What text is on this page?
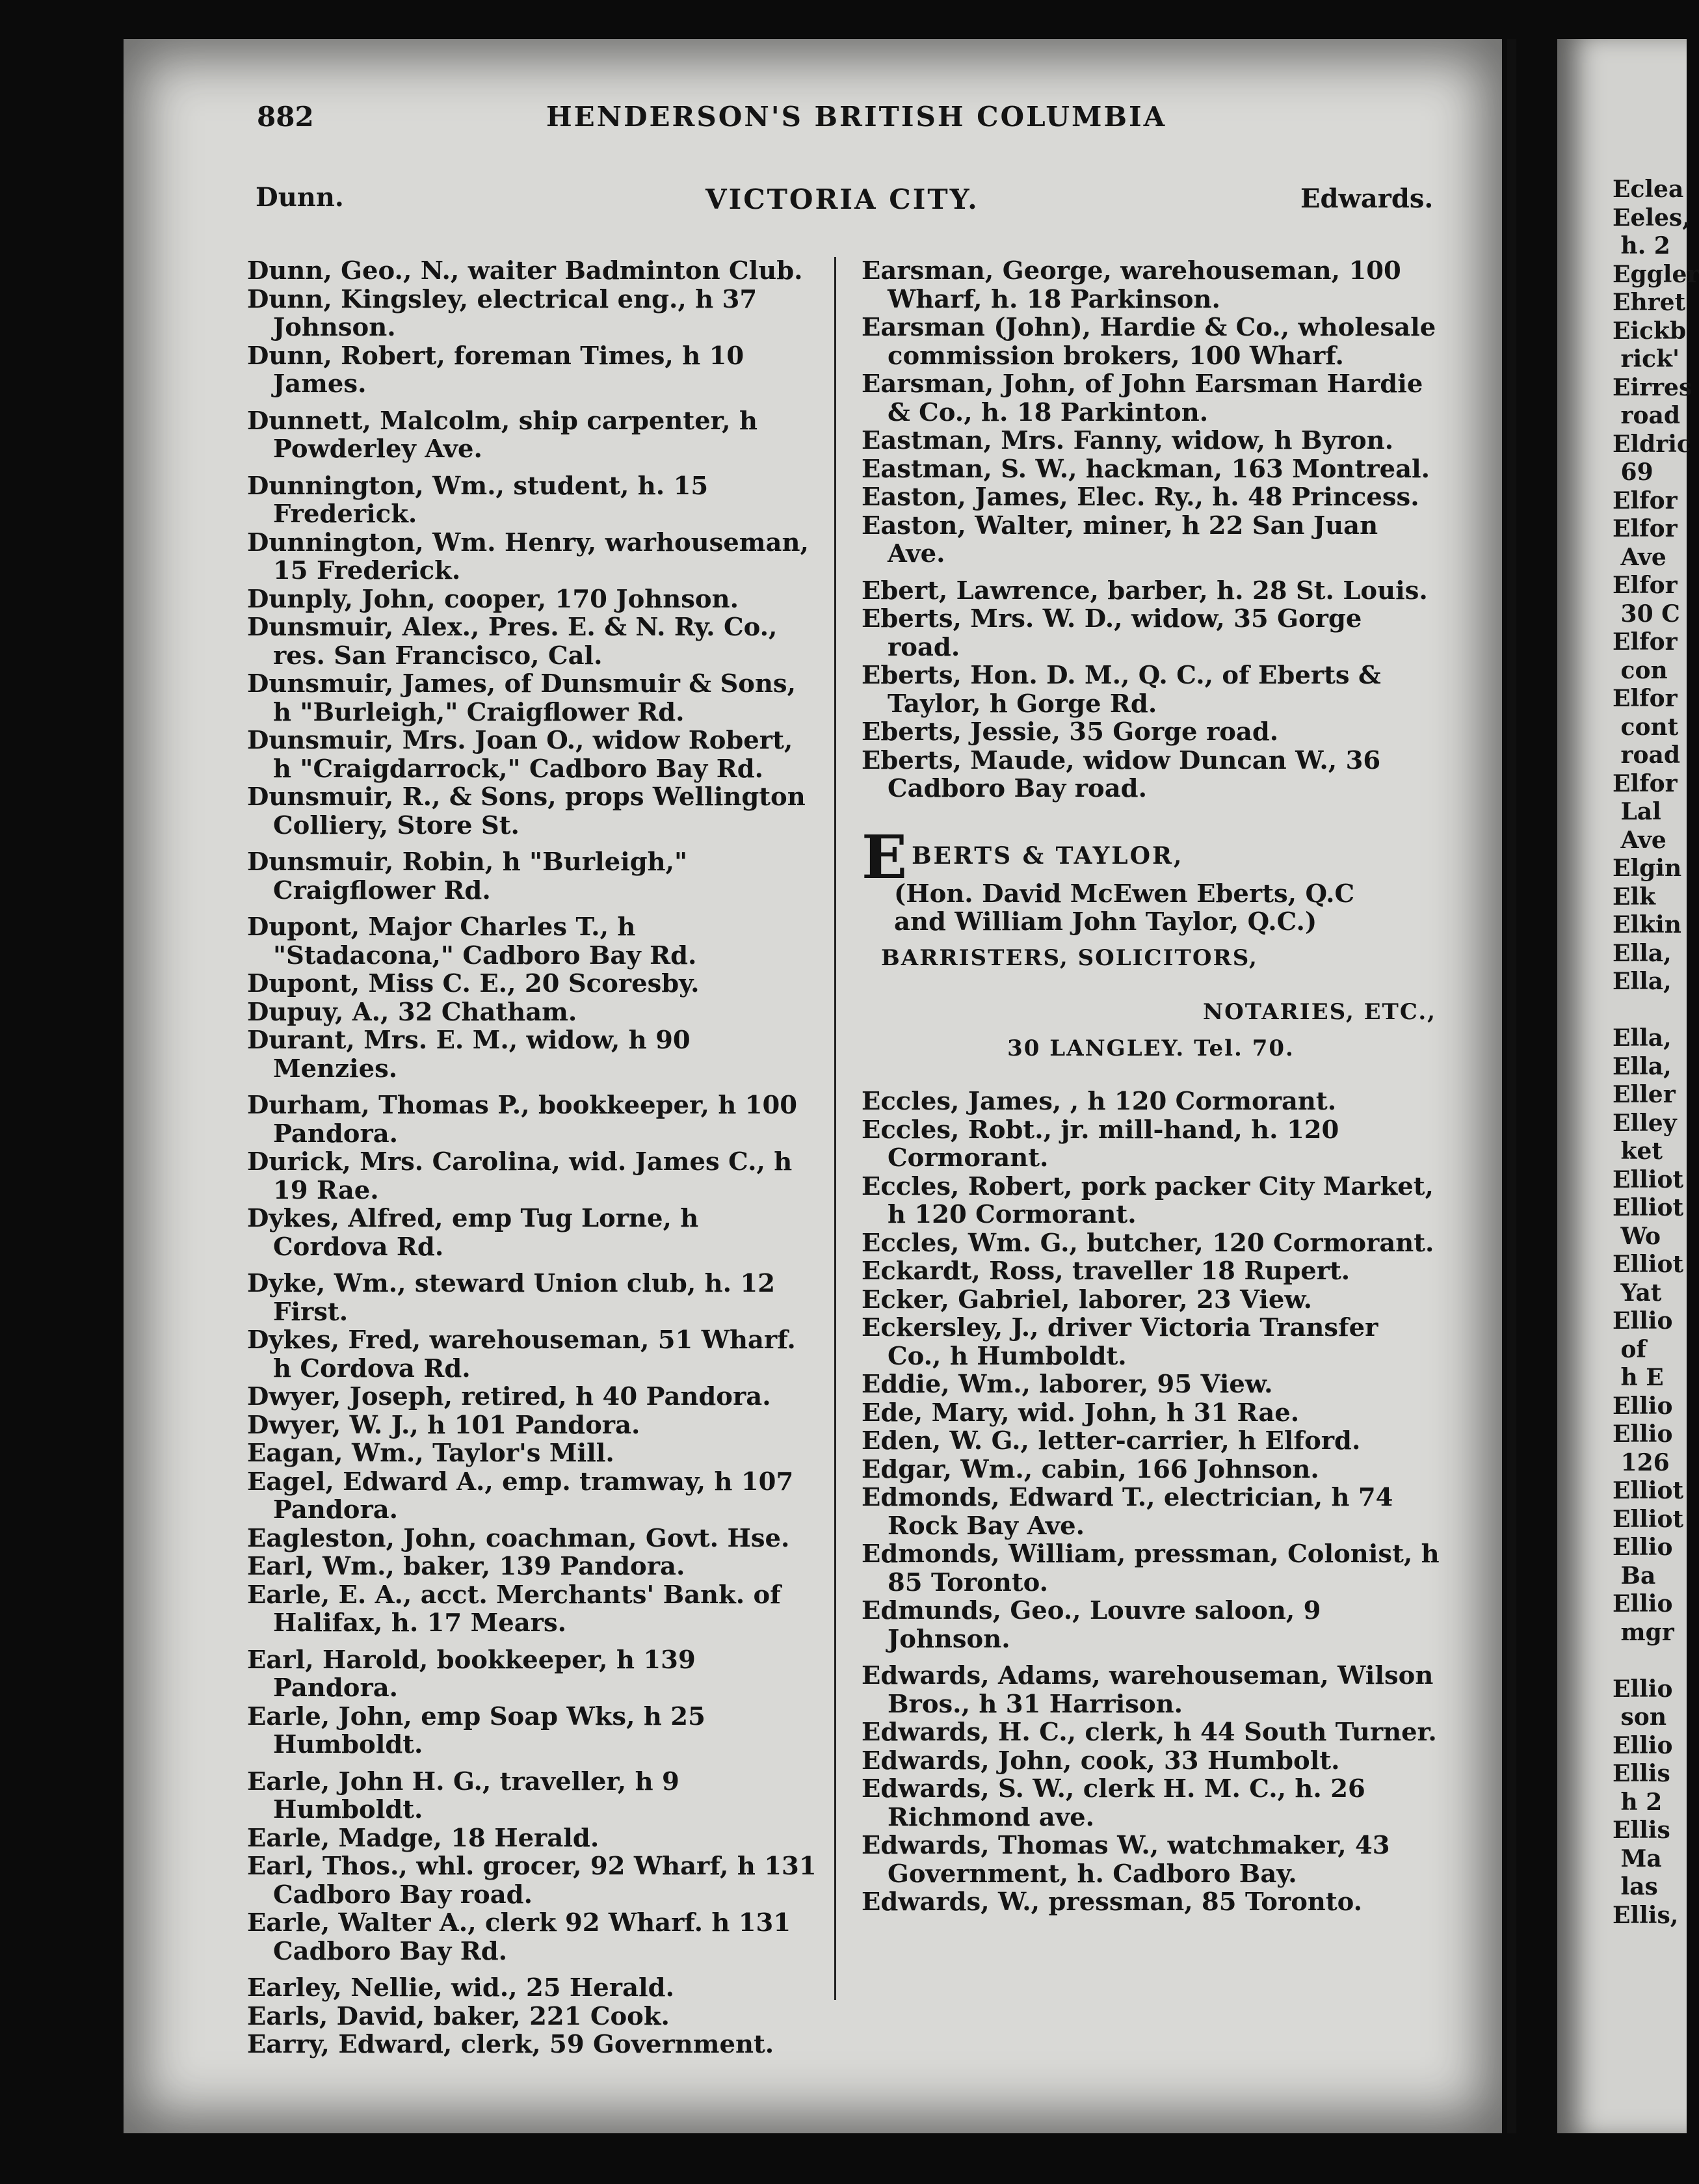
Eclea
Eeles,
h. 2
Eggler
Ehret
Eickb
rick'
Eirres
road
Eldric
69
Elfor
Elfor
Ave
Elfor
30 C
Elfor
con
Elfor
cont
road
Elfor
Lal
Ave
Elgin
Elk
Elkin
Ella,
Ella,

Ella,
Ella,
Eller
Elley
ket
Elliot
Elliot
Wo
Elliot
Yat
Ellio
of
h E
Ellio
Ellio
126
Elliot
Elliot
Ellio
Ba
Ellio
mgr

Ellio
son
Ellio
Ellis
h 2
Ellis
Ma
las
Ellis,
882	HENDERSON'S BRITISH COLUMBIA
Dunn.	VICTORIA CITY.	Edwards.

Dunn, Geo., N., waiter Badminton Club.

Dunn, Kingsley, electrical eng., h 37 Johnson.

Dunn, Robert, foreman Times, h 10 James.

Dunnett, Malcolm, ship carpenter, h Powderley Ave.

Dunnington, Wm., student, h. 15 Frederick.

Dunnington, Wm. Henry, warhouseman, 15 Frederick.

Dunply, John, cooper, 170 Johnson.

Dunsmuir, Alex., Pres. E. & N. Ry. Co., res. San Francisco, Cal.

Dunsmuir, James, of Dunsmuir & Sons, h "Burleigh," Craigflower Rd.

Dunsmuir, Mrs. Joan O., widow Robert, h "Craigdarrock," Cadboro Bay Rd.

Dunsmuir, R., & Sons, props Wellington Colliery, Store St.

Dunsmuir, Robin, h "Burleigh," Craigflower Rd.

Dupont, Major Charles T., h "Stadacona," Cadboro Bay Rd.

Dupont, Miss C. E., 20 Scoresby.

Dupuy, A., 32 Chatham.

Durant, Mrs. E. M., widow, h 90 Menzies.

Durham, Thomas P., bookkeeper, h 100 Pandora.

Durick, Mrs. Carolina, wid. James C., h 19 Rae.

Dykes, Alfred, emp Tug Lorne, h Cordova Rd.

Dyke, Wm., steward Union club, h. 12 First.

Dykes, Fred, warehouseman, 51 Wharf. h Cordova Rd.

Dwyer, Joseph, retired, h 40 Pandora.

Dwyer, W. J., h 101 Pandora.

Eagan, Wm., Taylor's Mill.

Eagel, Edward A., emp. tramway, h 107 Pandora.

Eagleston, John, coachman, Govt. Hse.

Earl, Wm., baker, 139 Pandora.

Earle, E. A., acct. Merchants' Bank. of Halifax, h. 17 Mears.

Earl, Harold, bookkeeper, h 139 Pandora.

Earle, John, emp Soap Wks, h 25 Humboldt.

Earle, John H. G., traveller, h 9 Humboldt.

Earle, Madge, 18 Herald.

Earl, Thos., whl. grocer, 92 Wharf, h 131 Cadboro Bay road.

Earle, Walter A., clerk 92 Wharf. h 131 Cadboro Bay Rd.

Earley, Nellie, wid., 25 Herald.

Earls, David, baker, 221 Cook.

Earry, Edward, clerk, 59 Government.

Earsman, George, warehouseman, 100 Wharf, h. 18 Parkinson.

Earsman (John), Hardie & Co., wholesale commission brokers, 100 Wharf.

Earsman, John, of John Earsman Hardie & Co., h. 18 Parkinton.

Eastman, Mrs. Fanny, widow, h Byron.

Eastman, S. W., hackman, 163 Montreal.

Easton, James, Elec. Ry., h. 48 Princess.

Easton, Walter, miner, h 22 San Juan Ave.

Ebert, Lawrence, barber, h. 28 St. Louis.

Eberts, Mrs. W. D., widow, 35 Gorge road.

Eberts, Hon. D. M., Q. C., of Eberts & Taylor, h Gorge Rd.

Eberts, Jessie, 35 Gorge road.

Eberts, Maude, widow Duncan W., 36 Cadboro Bay road.

EBERTS & TAYLOR,
(Hon. David McEwen Eberts, Q.C
and William John Taylor, Q.C.)
BARRISTERS, SOLICITORS,
NOTARIES, ETC.,
30 LANGLEY. Tel. 70.

Eccles, James, , h 120 Cormorant.

Eccles, Robt., jr. mill-hand, h. 120 Cormorant.

Eccles, Robert, pork packer City Market, h 120 Cormorant.

Eccles, Wm. G., butcher, 120 Cormorant.

Eckardt, Ross, traveller 18 Rupert.

Ecker, Gabriel, laborer, 23 View.

Eckersley, J., driver Victoria Transfer Co., h Humboldt.

Eddie, Wm., laborer, 95 View.

Ede, Mary, wid. John, h 31 Rae.

Eden, W. G., letter-carrier, h Elford.

Edgar, Wm., cabin, 166 Johnson.

Edmonds, Edward T., electrician, h 74 Rock Bay Ave.

Edmonds, William, pressman, Colonist, h 85 Toronto.

Edmunds, Geo., Louvre saloon, 9 Johnson.

Edwards, Adams, warehouseman, Wilson Bros., h 31 Harrison.

Edwards, H. C., clerk, h 44 South Turner.

Edwards, John, cook, 33 Humbolt.

Edwards, S. W., clerk H. M. C., h. 26 Richmond ave.

Edwards, Thomas W., watchmaker, 43 Government, h. Cadboro Bay.

Edwards, W., pressman, 85 Toronto.
